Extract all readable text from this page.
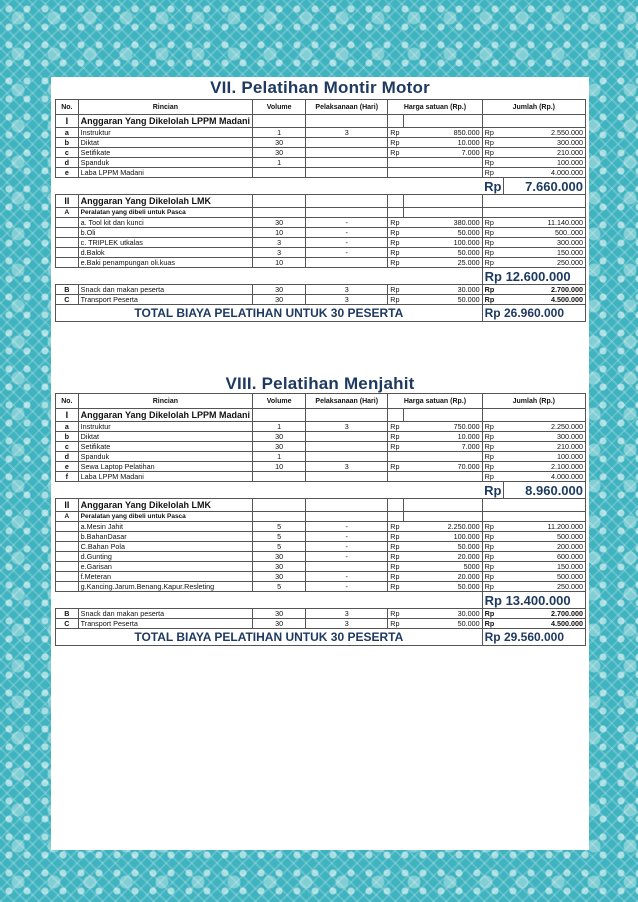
VII. Pelatihan Montir Motor
No.	Rincian	Volume	Pelaksanaan (Hari)	Harga satuan (Rp.)		Jumlah (Rp.)	
I	Anggaran Yang Dikelolah LPPM Madani						
a	Instruktur	1	3	Rp	850.000	Rp	2.550.000
b	Diktat	30		Rp	10.000	Rp	300.000
c	Setifikate	30		Rp	7.000	Rp	210.000
d	Spanduk	1				Rp	100.000
e	Laba LPPM Madani					Rp	4.000.000
						Rp	7.660.000
II	Anggaran Yang Dikelolah LMK						
A	Peralatan yang dibeli untuk Pasca						
	a. Tool kit dan kunci	30	-	Rp	380.000	Rp	11.140.000
	b.Oli	10	-	Rp	50.000	Rp	500..000
	c. TRIPLEK utkalas	3	-	Rp	100.000	Rp	300.000
	d.Balok	3	-	Rp	50.000	Rp	150.000
	e.Baki penampungan oli.kuas	10		Rp	25.000	Rp	250.000
						Rp 12.600.000	
B	Snack dan makan peserta	30	3	Rp	30.000	Rp	2.700.000
C	Transport Peserta	30	3	Rp	50.000	Rp	4.500.000
TOTAL BIAYA PELATIHAN UNTUK 30 PESERTA						Rp 26.960.000	
VIII. Pelatihan Menjahit
No.	Rincian	Volume	Pelaksanaan (Hari)	Harga satuan (Rp.)		Jumlah (Rp.)	
I	Anggaran Yang Dikelolah LPPM Madani						
a	Instruktur	1	3	Rp	750.000	Rp	2.250.000
b	Diktat	30		Rp	10.000	Rp	300.000
c	Setifikate	30		Rp	7.000	Rp	210.000
d	Spanduk	1				Rp	100.000
e	Sewa Laptop Pelatihan	10	3	Rp	70.000	Rp	2.100.000
f	Laba LPPM Madani					Rp	4.000.000
						Rp	8.960.000
II	Anggaran Yang Dikelolah LMK						
A	Peralatan yang dibeli untuk Pasca						
	a.Mesin Jahit	5	-	Rp	2.250.000	Rp	11.200.000
	b.BahanDasar	5	-	Rp	100.000	Rp	500.000
	C.Bahan Pola	5	-	Rp	50.000	Rp	200.000
	d.Gunting	30	-	Rp	20.000	Rp	600.000
	e.Garisan	30		Rp	5000	Rp	150.000
	f.Meteran	30	-	Rp	20.000	Rp	500.000
	g.Kancing.Jarum.Benang.Kapur.Resleting	5	-	Rp	50.000	Rp	250.000
						Rp 13.400.000	
B	Snack dan makan peserta	30	3	Rp	30.000	Rp	2.700.000
C	Transport Peserta	30	3	Rp	50.000	Rp	4.500.000
TOTAL BIAYA PELATIHAN UNTUK 30 PESERTA						Rp 29.560.000	
